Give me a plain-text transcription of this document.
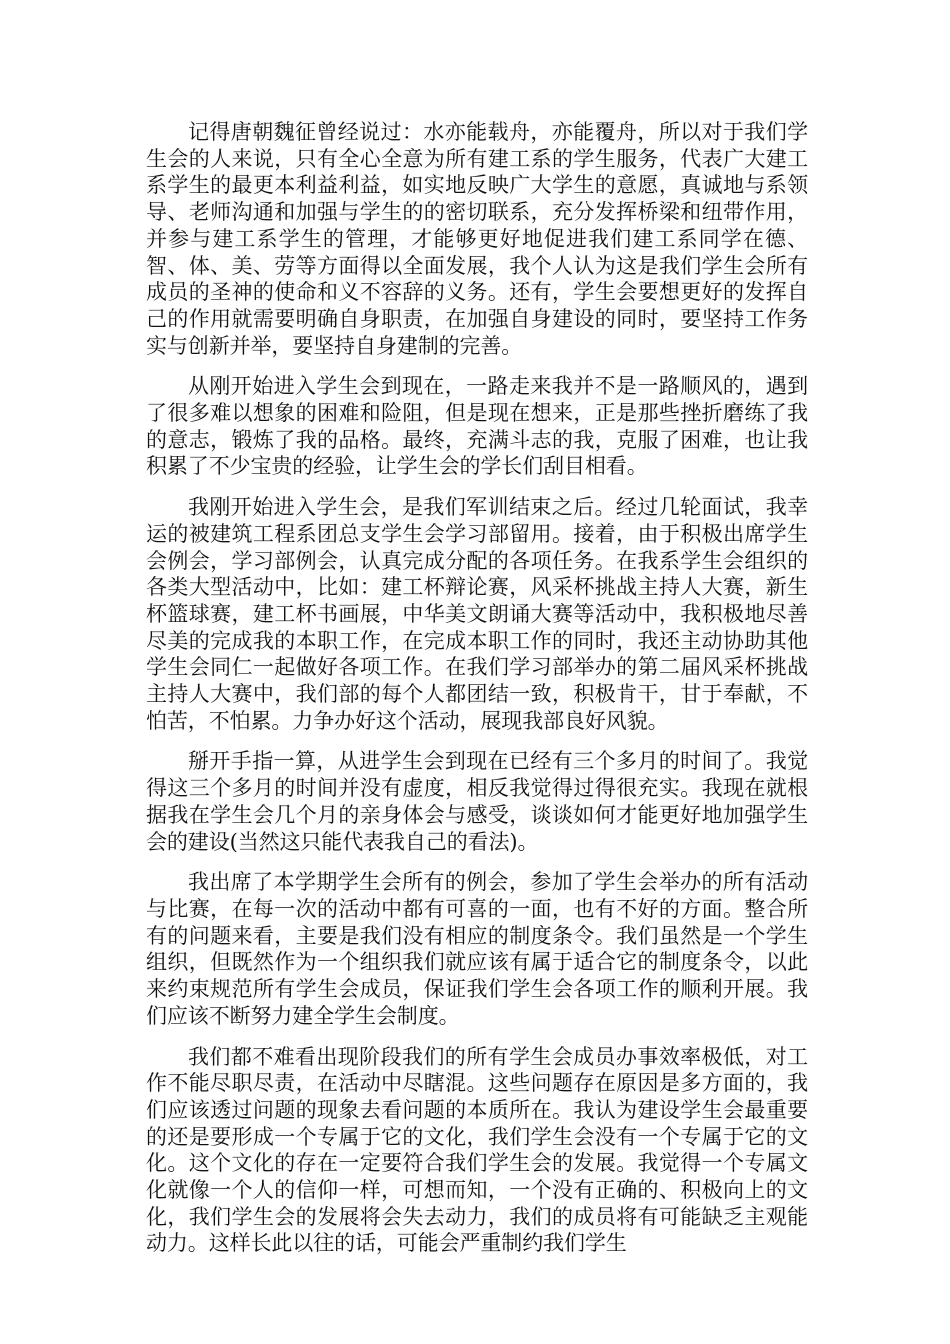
记得唐朝魏征曾经说过：水亦能载舟，亦能覆舟，所以对于我们学生会的人来说，只有全心全意为所有建工系的学生服务，代表广大建工系学生的最更本利益利益，如实地反映广大学生的意愿，真诚地与系领导、老师沟通和加强与学生的的密切联系，充分发挥桥梁和纽带作用，并参与建工系学生的管理，才能够更好地促进我们建工系同学在德、智、体、美、劳等方面得以全面发展，我个人认为这是我们学生会所有成员的圣神的使命和义不容辞的义务。还有，学生会要想更好的发挥自己的作用就需要明确自身职责，在加强自身建设的同时，要坚持工作务实与创新并举，要坚持自身建制的完善。

从刚开始进入学生会到现在，一路走来我并不是一路顺风的，遇到了很多难以想象的困难和险阻，但是现在想来，正是那些挫折磨练了我的意志，锻炼了我的品格。最终，充满斗志的我，克服了困难，也让我积累了不少宝贵的经验，让学生会的学长们刮目相看。

我刚开始进入学生会，是我们军训结束之后。经过几轮面试，我幸运的被建筑工程系团总支学生会学习部留用。接着，由于积极出席学生会例会，学习部例会，认真完成分配的各项任务。在我系学生会组织的各类大型活动中，比如：建工杯辩论赛，风采杯挑战主持人大赛，新生杯篮球赛，建工杯书画展，中华美文朗诵大赛等活动中，我积极地尽善尽美的完成我的本职工作，在完成本职工作的同时，我还主动协助其他学生会同仁一起做好各项工作。在我们学习部举办的第二届风采杯挑战主持人大赛中，我们部的每个人都团结一致，积极肯干，甘于奉献，不怕苦，不怕累。力争办好这个活动，展现我部良好风貌。

掰开手指一算，从进学生会到现在已经有三个多月的时间了。我觉得这三个多月的时间并没有虚度，相反我觉得过得很充实。我现在就根据我在学生会几个月的亲身体会与感受，谈谈如何才能更好地加强学生会的建设(当然这只能代表我自己的看法)。

我出席了本学期学生会所有的例会，参加了学生会举办的所有活动与比赛，在每一次的活动中都有可喜的一面，也有不好的方面。整合所有的问题来看，主要是我们没有相应的制度条令。我们虽然是一个学生组织，但既然作为一个组织我们就应该有属于适合它的制度条令，以此来约束规范所有学生会成员，保证我们学生会各项工作的顺利开展。我们应该不断努力建全学生会制度。

我们都不难看出现阶段我们的所有学生会成员办事效率极低，对工作不能尽职尽责，在活动中尽瞎混。这些问题存在原因是多方面的，我们应该透过问题的现象去看问题的本质所在。我认为建设学生会最重要的还是要形成一个专属于它的文化，我们学生会没有一个专属于它的文化。这个文化的存在一定要符合我们学生会的发展。我觉得一个专属文化就像一个人的信仰一样，可想而知，一个没有正确的、积极向上的文化，我们学生会的发展将会失去动力，我们的成员将有可能缺乏主观能动力。这样长此以往的话，可能会严重制约我们学生
